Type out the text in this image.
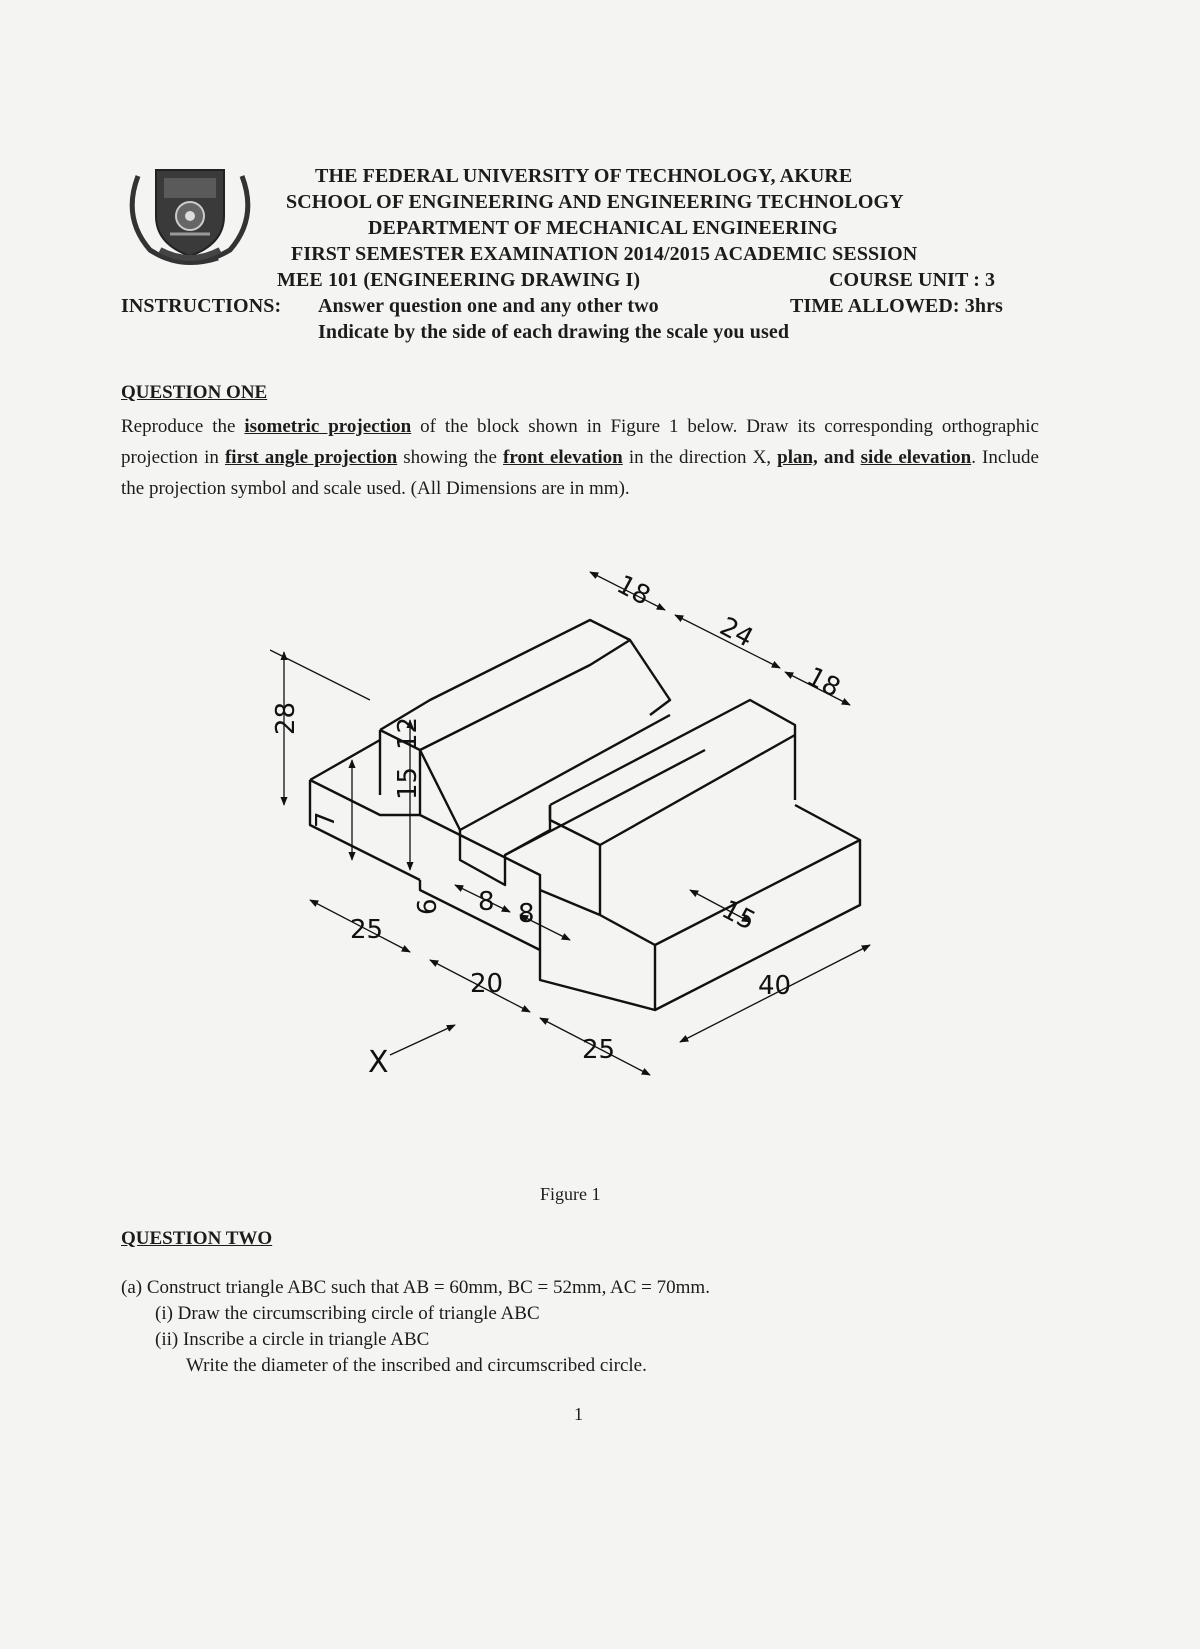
THE FEDERAL UNIVERSITY OF TECHNOLOGY, AKURE
SCHOOL OF ENGINEERING AND ENGINEERING TECHNOLOGY
DEPARTMENT OF MECHANICAL ENGINEERING
FIRST SEMESTER EXAMINATION 2014/2015 ACADEMIC SESSION
MEE 101 (ENGINEERING DRAWING I)	COURSE UNIT : 3
INSTRUCTIONS: Answer question one and any other two	TIME ALLOWED: 3hrs
Indicate by the side of each drawing the scale you used
QUESTION ONE
Reproduce the isometric projection of the block shown in Figure 1 below. Draw its corresponding orthographic projection in first angle projection showing the front elevation in the direction X, plan, and side elevation. Include the projection symbol and scale used. (All Dimensions are in mm).
18
24
18
28
7
15
12
6 8 8	15
25
20
25
40
X
Figure 1
QUESTION TWO
(a) Construct triangle ABC such that AB = 60mm, BC = 52mm, AC = 70mm.
(i) Draw the circumscribing circle of triangle ABC
(ii) Inscribe a circle in triangle ABC
Write the diameter of the inscribed and circumscribed circle.
1
